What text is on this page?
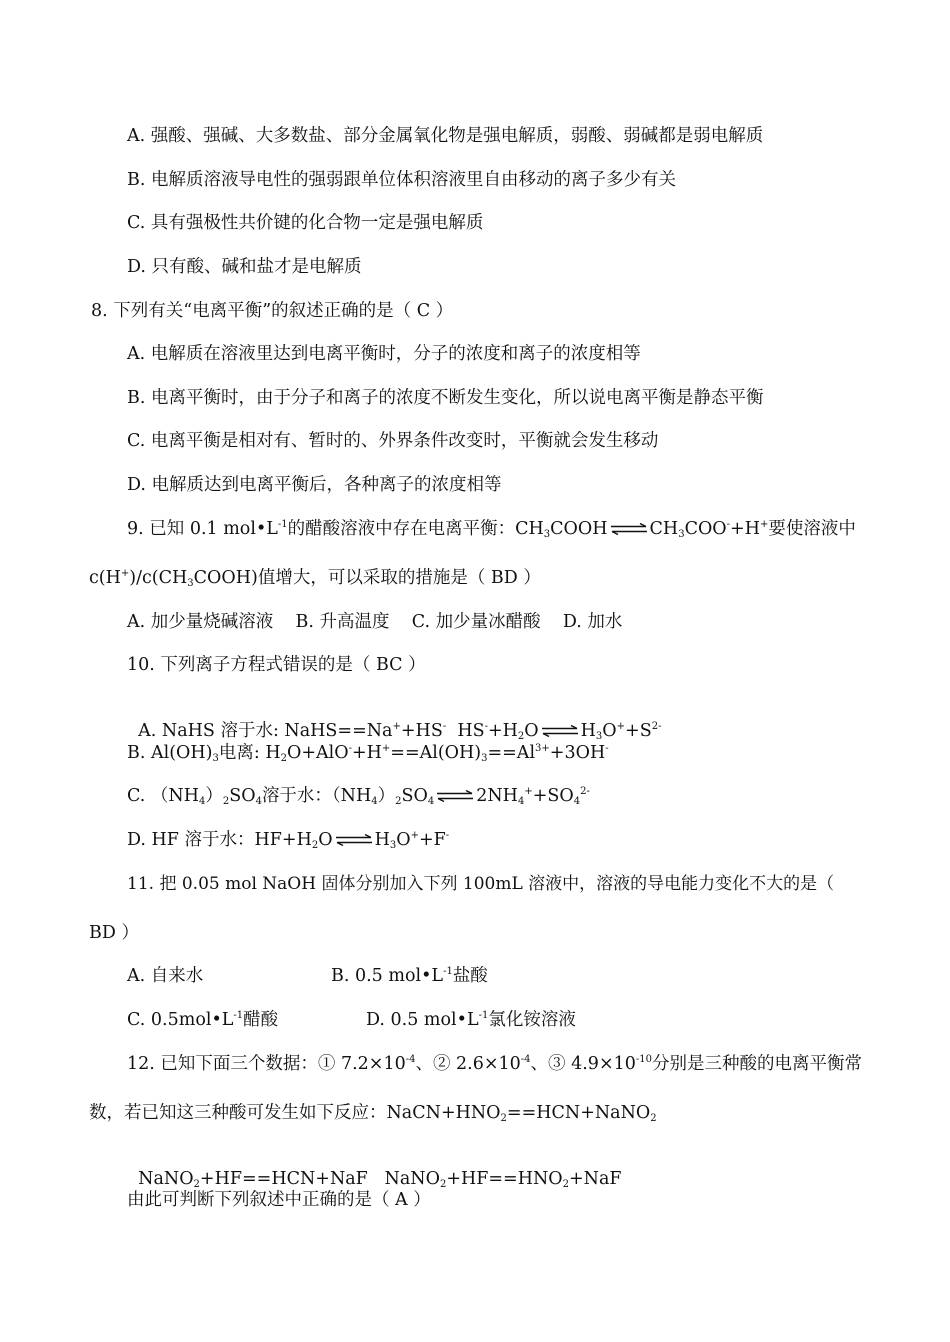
A. 强酸、强碱、大多数盐、部分金属氧化物是强电解质，弱酸、弱碱都是弱电解质
B. 电解质溶液导电性的强弱跟单位体积溶液里自由移动的离子多少有关
C. 具有强极性共价键的化合物一定是强电解质
D. 只有酸、碱和盐才是电解质
8. 下列有关“电离平衡”的叙述正确的是（ C ）
A. 电解质在溶液里达到电离平衡时，分子的浓度和离子的浓度相等
B. 电离平衡时，由于分子和离子的浓度不断发生变化，所以说电离平衡是静态平衡
C. 电离平衡是相对有、暂时的、外界条件改变时，平衡就会发生移动
D. 电解质达到电离平衡后，各种离子的浓度相等
9. 已知 0.1 $mol•L^{-1}$的醋酸溶液中存在电离平衡：$CH_3COOH$ ⇌ $CH_3COO^-+H^+$要使溶液中
$c(H^+)/c(CH_3COOH)$值增大，可以采取的措施是（ BD ）
A. 加少量烧碱溶液    B. 升高温度    C. 加少量冰醋酸    D. 加水
10. 下列离子方程式错误的是（ BC ）

A. NaHS 溶于水: NaHS==Na++HS-  $HS^-+H_2O$ ⇌ $H_3O^++S^{2-}$

B. $Al(OH)_3$电离: $H_2O+AlO^-+H^+==Al(OH)_3==Al^{3+}+3OH^-$
C. $(NH_4)_2SO_4$溶于水：$(NH_4)_2SO_4$ ⇌ $2NH_4^++SO_4^{2-}$
D. HF 溶于水：$HF+H_2O$ ⇌ $H_3O^++F^-$
11. 把 0.05 mol NaOH 固体分别加入下列 100mL 溶液中，溶液的导电能力变化不大的是（
BD ）
A. 自来水	B. 0.5 $mol•L^{-1}$盐酸
C. $0.5mol•L^{-1}$醋酸	D. 0.5 $mol•L^{-1}$氯化铵溶液
12. 已知下面三个数据：① $7.2\times 10^{-4}$、② $2.6\times 10^{-4}$、③ $4.9\times 10^{-10}$分别是三种酸的电离平衡常
数，若已知这三种酸可发生如下反应：$NaCN+HNO_2==HCN+NaNO_2$

NaNO$_2$+HF==HCN+NaF   $NaNO_2+HF==HNO_2+NaF$

由此可判断下列叙述中正确的是（ A ）
